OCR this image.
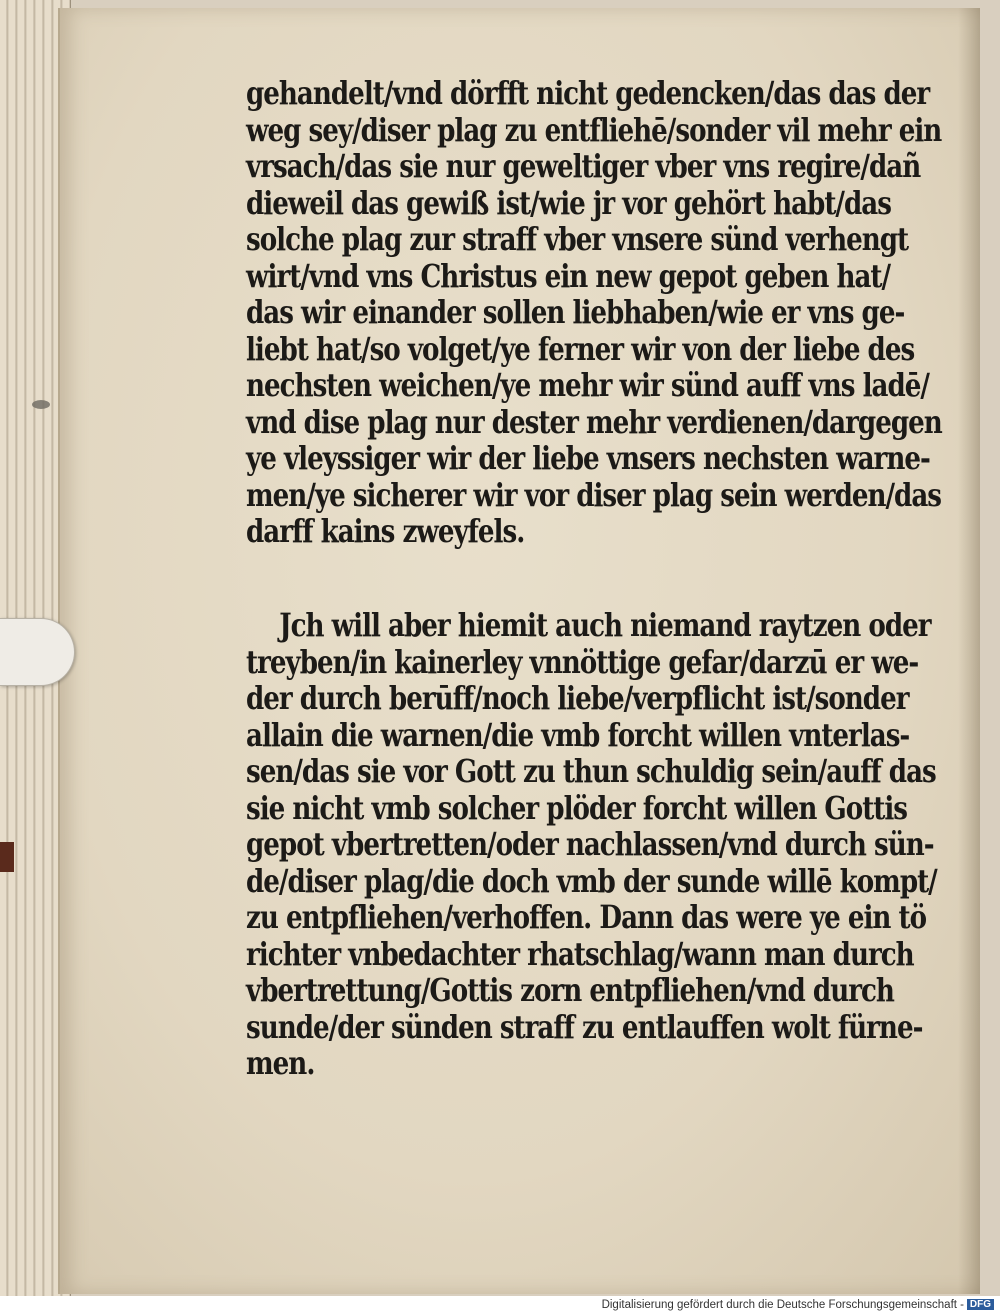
gehandelt/vnd dörfft nicht gedencken/das das der
weg sey/diser plag zu entfliehē/sonder vil mehr ein
vrsach/das sie nur geweltiger vber vns regire/dañ
dieweil das gewiß ist/wie jr vor gehört habt/das
solche plag zur straff vber vnsere sünd verhengt
wirt/vnd vns Christus ein new gepot geben hat/
das wir einander sollen liebhaben/wie er vns ge-
liebt hat/so volget/ye ferner wir von der liebe des
nechsten weichen/ye mehr wir sünd auff vns ladē/
vnd dise plag nur dester mehr verdienen/dargegen
ye vleyssiger wir der liebe vnsers nechsten warne-
men/ye sicherer wir vor diser plag sein werden/das
darff kains zweyfels.
Jch will aber hiemit auch niemand raytzen oder
treyben/in kainerley vnnöttige gefar/darzū er we-
der durch berūff/noch liebe/verpflicht ist/sonder
allain die warnen/die vmb forcht willen vnterlas-
sen/das sie vor Gott zu thun schuldig sein/auff das
sie nicht vmb solcher plöder forcht willen Gottis
gepot vbertretten/oder nachlassen/vnd durch sün-
de/diser plag/die doch vmb der sunde willē kompt/
zu entpfliehen/verhoffen. Dann das were ye ein tö
richter vnbedachter rhatschlag/wann man durch
vbertrettung/Gottis zorn entpfliehen/vnd durch
sunde/der sünden straff zu entlauffen wolt fürne-
men.
Digitalisierung gefördert durch die Deutsche Forschungsgemeinschaft - DFG
